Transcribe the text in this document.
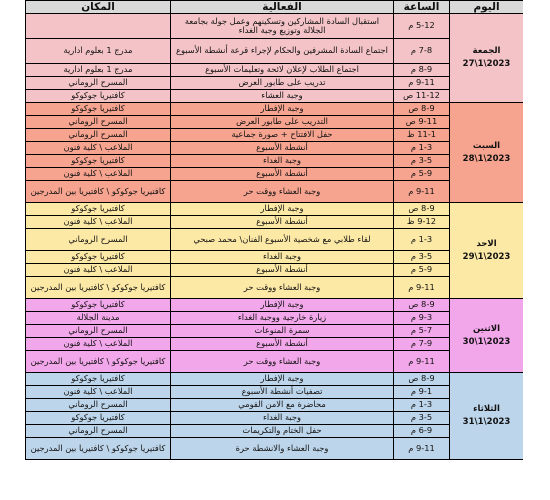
اليوم	الساعة	الفعالية	المكان
الجمعة
2023\1\27	5-12 م	استقبال السادة المشاركين وتسكينهم وعمل جولة بجامعة الجلالة وتوزيع وجبة الغداء	
	7-8 م	اجتماع السادة المشرفين والحكام لإجراء قرعة أنشطة الأسبوع	مدرج 1 بعلوم ادارية
	8-9 م	اجتماع الطلاب لإعلان لائحة وتعليمات الأسبوع	مدرج 1 بعلوم ادارية
	9-11 م	تدريب على طابور العرض	المسرح الروماني
	11-12 ص	وجبة العشاء	كافتيريا جوكوكو
السبت
2023\1\28	8-9 ص	وجبة الإفطار	كافتيريا جوكوكو
	9-11 ص	التدريب على طابور العرض	المسرح الروماني
	11-1 ظ	حفل الافتتاح + صورة جماعية	المسرح الروماني
	1-3 م	أنشطة الأسبوع	الملاعب \ كلية فنون
	3-5 م	وجبة الغداء	كافتيريا جوكوكو
	5-9 م	أنشطة الأسبوع	الملاعب \ كلية فنون
	9-11 م	وجبة العشاء ووقت حر	كافتيريا جوكوكو \ كافتيريا بين المدرجين
الاحد
2023\1\29	8-9 ص	وجبة الإفطار	كافتيريا جوكوكو
	9-12 ظ	أنشطة الأسبوع	الملاعب \ كلية فنون
	1-3 م	لقاء طلابي مع شخصية الأسبوع الفنان\ محمد صبحي	المسرح الروماني
	3-5 م	وجبة الغداء	كافتيريا جوكوكو
	5-9 م	أنشطة الأسبوع	الملاعب \ كلية فنون
	9-11 م	وجبة العشاء ووقت حر	كافتيريا جوكوكو \ كافتيريا بين المدرجين
الاثنين
2023\1\30	8-9 ص	وجبة الإفطار	كافتيريا جوكوكو
	9-3 م	زيارة خارجية ووجبة الغداء	مدينة الجلالة
	5-7 م	سمرة المنوعات	المسرح الروماني
	7-9 م	أنشطة الأسبوع	الملاعب \ كلية فنون
	9-11 م	وجبة العشاء ووقت حر	كافتيريا جوكوكو \ كافتيريا بين المدرجين
الثلاثاء
2023\1\31	8-9 ص	وجبة الإفطار	كافتيريا جوكوكو
	9-1 م	تصفيات أنشطة الأسبوع	الملاعب \ كلية فنون
	1-3 م	محاضرة مع الامن القومي	المسرح الروماني
	3-5 م	وجبة الغداء	كافتيريا جوكوكو
	6-9 م	حفل الختام والتكريمات	المسرح الروماني
	9-11 م	وجبة العشاء والانشطة حرة	كافتيريا جوكوكو \ كافتيريا بين المدرجين
